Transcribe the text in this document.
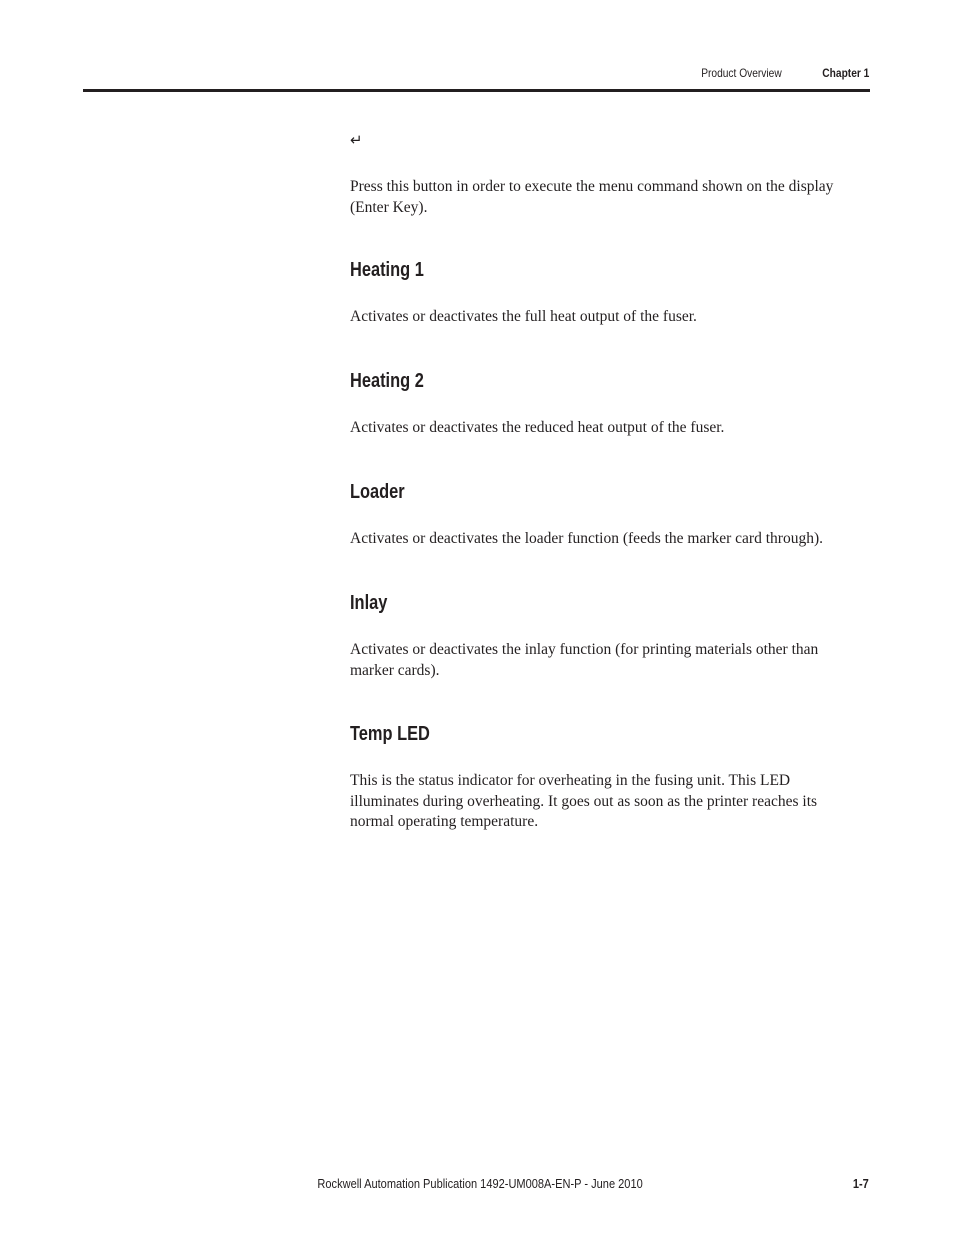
Product Overview	Chapter 1
↵

Press this button in order to execute the menu command shown on the display (Enter Key).

Heating 1

Activates or deactivates the full heat output of the fuser.

Heating 2

Activates or deactivates the reduced heat output of the fuser.

Loader

Activates or deactivates the loader function (feeds the marker card through).

Inlay

Activates or deactivates the inlay function (for printing materials other than marker cards).

Temp LED

This is the status indicator for overheating in the fusing unit. This LED illuminates during overheating. It goes out as soon as the printer reaches its normal operating temperature.

Rockwell Automation Publication 1492-UM008A-EN-P - June 2010	1-7
